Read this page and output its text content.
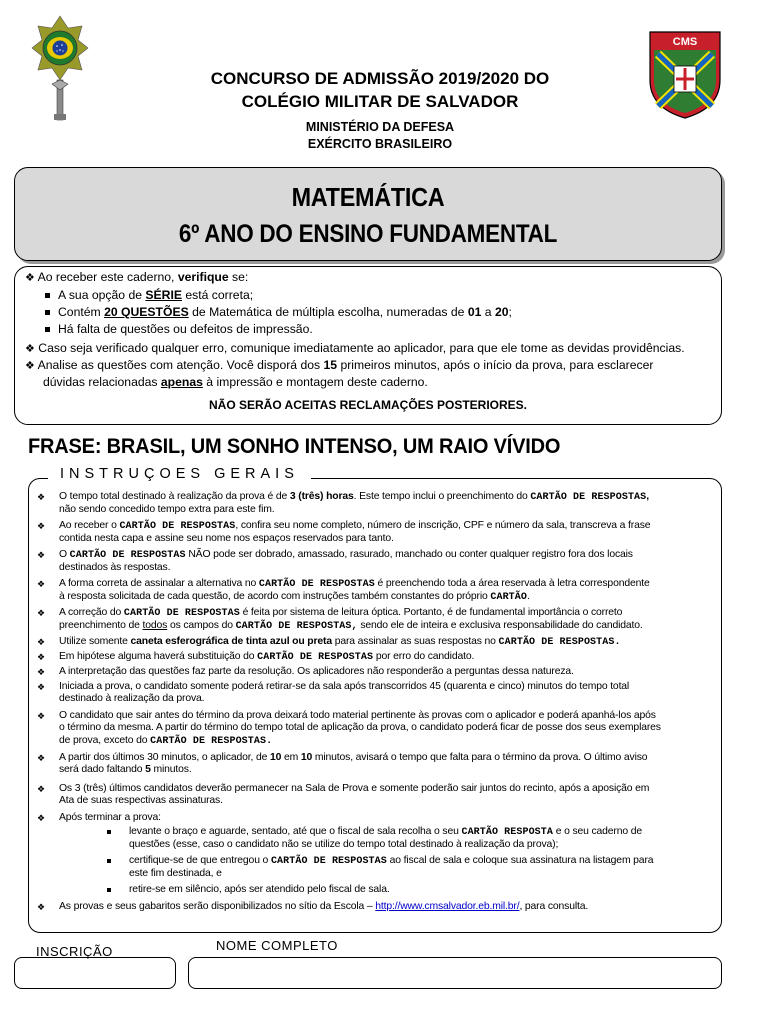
CMS
CONCURSO DE ADMISSÃO 2019/2020 DO
COLÉGIO MILITAR DE SALVADOR
MINISTÉRIO DA DEFESA
EXÉRCITO BRASILEIRO
MATEMÁTICA
6º ANO DO ENSINO FUNDAMENTAL
❖ Ao receber este caderno, verifique se:
A sua opção de SÉRIE está correta;
Contém 20 QUESTÕES de Matemática de múltipla escolha, numeradas de 01 a 20;
Há falta de questões ou defeitos de impressão.
❖ Caso seja verificado qualquer erro, comunique imediatamente ao aplicador, para que ele tome as devidas providências.
❖ Analise as questões com atenção. Você disporá dos 15 primeiros minutos, após o início da prova, para esclarecer
dúvidas relacionadas apenas à impressão e montagem deste caderno.
NÃO SERÃO ACEITAS RECLAMAÇÕES POSTERIORES.
FRASE: BRASIL, UM SONHO INTENSO, UM RAIO VÍVIDO
❖ O tempo total destinado à realização da prova é de 3 (três) horas. Este tempo inclui o preenchimento do CARTÃO DE RESPOSTAS,
não sendo concedido tempo extra para este fim.
❖ Ao receber o CARTÃO DE RESPOSTAS, confira seu nome completo, número de inscrição, CPF e número da sala, transcreva a frase
contida nesta capa e assine seu nome nos espaços reservados para tanto.
❖ O CARTÃO DE RESPOSTAS NÃO pode ser dobrado, amassado, rasurado, manchado ou conter qualquer registro fora dos locais
destinados às respostas.
❖ A forma correta de assinalar a alternativa no CARTÃO DE RESPOSTAS é preenchendo toda a área reservada à letra correspondente
à resposta solicitada de cada questão, de acordo com instruções também constantes do próprio CARTÃO.
❖ A correção do CARTÃO DE RESPOSTAS é feita por sistema de leitura óptica. Portanto, é de fundamental importância o correto
preenchimento de todos os campos do CARTÃO DE RESPOSTAS, sendo ele de inteira e exclusiva responsabilidade do candidato.
❖ Utilize somente caneta esferográfica de tinta azul ou preta para assinalar as suas respostas no CARTÃO DE RESPOSTAS.
❖ Em hipótese alguma haverá substituição do CARTÃO DE RESPOSTAS por erro do candidato.
❖ A interpretação das questões faz parte da resolução. Os aplicadores não responderão a perguntas dessa natureza.
❖ Iniciada a prova, o candidato somente poderá retirar-se da sala após transcorridos 45 (quarenta e cinco) minutos do tempo total
destinado à realização da prova.
❖ O candidato que sair antes do término da prova deixará todo material pertinente às provas com o aplicador e poderá apanhá-los após
o término da mesma. A partir do término do tempo total de aplicação da prova, o candidato poderá ficar de posse dos seus exemplares
de prova, exceto do CARTÃO DE RESPOSTAS.
❖ A partir dos últimos 30 minutos, o aplicador, de 10 em 10 minutos, avisará o tempo que falta para o término da prova. O último aviso
será dado faltando 5 minutos.
❖ Os 3 (três) últimos candidatos deverão permanecer na Sala de Prova e somente poderão sair juntos do recinto, após a aposição em
Ata de suas respectivas assinaturas.
❖ Após terminar a prova:
levante o braço e aguarde, sentado, até que o fiscal de sala recolha o seu CARTÃO RESPOSTA e o seu caderno de
questões (esse, caso o candidato não se utilize do tempo total destinado à realização da prova);
certifique-se de que entregou o CARTÃO DE RESPOSTAS ao fiscal de sala e coloque sua assinatura na listagem para
este fim destinada, e
retire-se em silêncio, após ser atendido pelo fiscal de sala.
❖ As provas e seus gabaritos serão disponibilizados no sítio da Escola – http://www.cmsalvador.eb.mil.br/, para consulta.
INSTRUÇOES GERAIS
INSCRIÇÃO	NOME COMPLETO
